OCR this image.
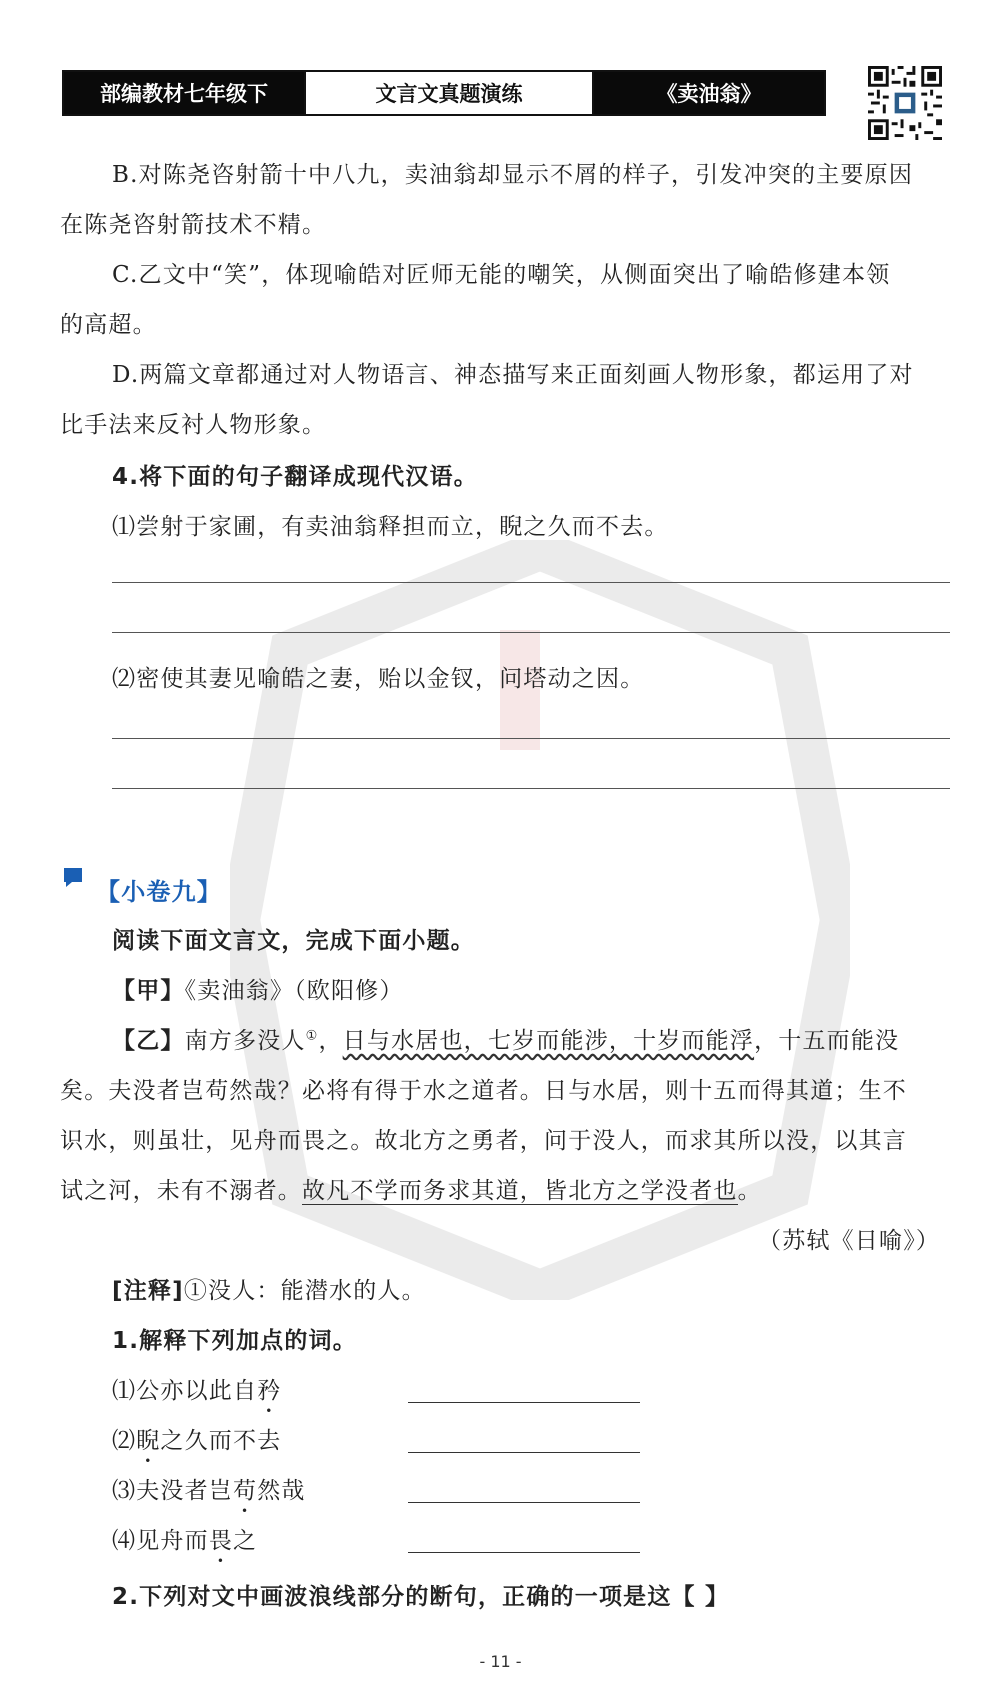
部编教材七年级下	文言文真题演练	《卖油翁》
B.对陈尧咨射箭十中八九，卖油翁却显示不屑的样子，引发冲突的主要原因
在陈尧咨射箭技术不精。
C.乙文中“笑”，体现喻皓对匠师无能的嘲笑，从侧面突出了喻皓修建本领
的高超。
D.两篇文章都通过对人物语言、神态描写来正面刻画人物形象，都运用了对
比手法来反衬人物形象。
4.将下面的句子翻译成现代汉语。
⑴尝射于家圃，有卖油翁释担而立，睨之久而不去。
⑵密使其妻见喻皓之妻，贻以金钗，问塔动之因。
【小卷九】
阅读下面文言文，完成下面小题。
【甲】《卖油翁》（欧阳修）
【乙】南方多没人①，日与水居也，七岁而能涉，十岁而能浮，十五而能没
矣。夫没者岂苟然哉？必将有得于水之道者。日与水居，则十五而得其道；生不
识水，则虽壮，见舟而畏之。故北方之勇者，问于没人，而求其所以没，以其言
试之河，未有不溺者。故凡不学而务求其道，皆北方之学没者也。
（苏轼《日喻》）
[注释]①没人：能潜水的人。
1.解释下列加点的词。
⑴公亦以此自矜
⑵睨之久而不去
⑶夫没者岂苟然哉
⑷见舟而畏之
2.下列对文中画波浪线部分的断句，正确的一项是这【 】
- 11 -
